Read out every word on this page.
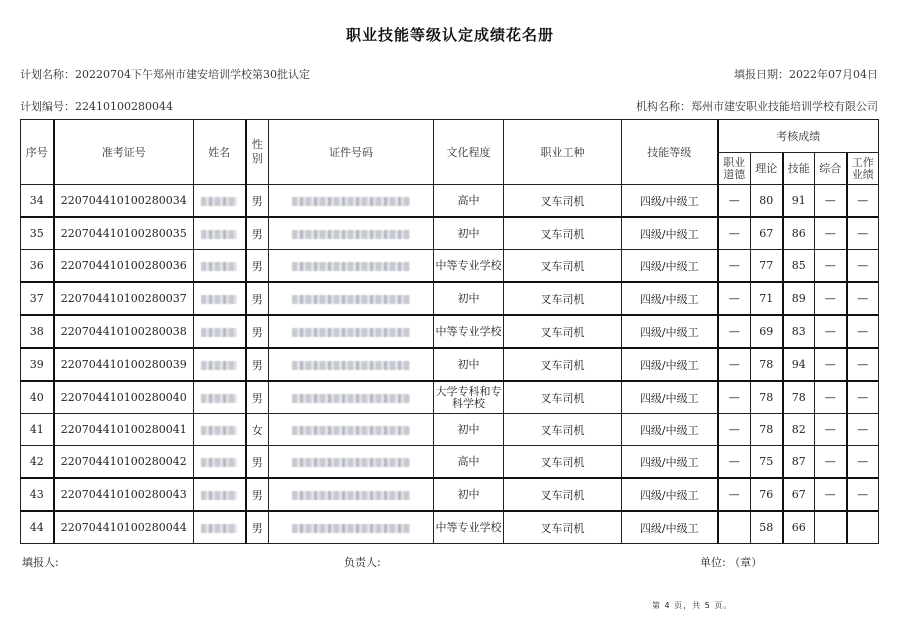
职业技能等级认定成绩花名册
计划名称：20220704下午郑州市建安培训学校第30批认定	填报日期：2022年07月04日
计划编号：22410100280044	机构名称：郑州市建安职业技能培训学校有限公司
序号	准考证号	姓名	性别	证件号码	文化程度	职业工种	技能等级	考核成绩				

								职业道德	理论	技能	综合	工作业绩

34	220704410100280034		男		高中	叉车司机	四级/中级工	—	80	91	—	—
35	220704410100280035		男		初中	叉车司机	四级/中级工	—	67	86	—	—
36	220704410100280036		男		中等专业学校	叉车司机	四级/中级工	—	77	85	—	—
37	220704410100280037		男		初中	叉车司机	四级/中级工	—	71	89	—	—
38	220704410100280038		男		中等专业学校	叉车司机	四级/中级工	—	69	83	—	—
39	220704410100280039		男		初中	叉车司机	四级/中级工	—	78	94	—	—
40	220704410100280040		男		大学专科和专科学校	叉车司机	四级/中级工	—	78	78	—	—
41	220704410100280041		女		初中	叉车司机	四级/中级工	—	78	82	—	—
42	220704410100280042		男		高中	叉车司机	四级/中级工	—	75	87	—	—
43	220704410100280043		男		初中	叉车司机	四级/中级工	—	76	67	—	—
44	220704410100280044		男		中等专业学校	叉车司机	四级/中级工		58	66		
填报人:	负责人:	单位: （章）
第 4 页，共 5 页。
